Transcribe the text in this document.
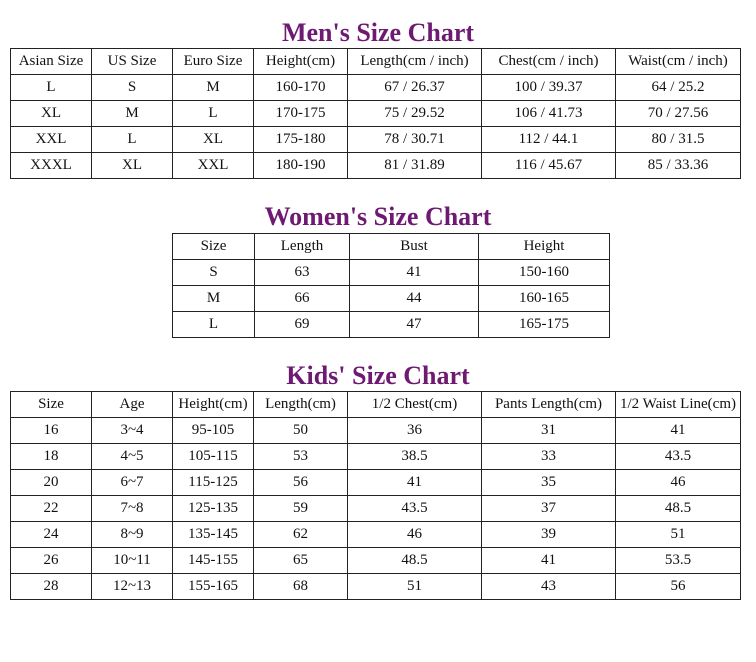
Men's Size Chart
Asian Size	US Size	Euro Size	Height(cm)	Length(cm / inch)	Chest(cm / inch)	Waist(cm / inch)
L	S	M	160-170	67 / 26.37	100 / 39.37	64 / 25.2
XL	M	L	170-175	75 / 29.52	106 / 41.73	70 / 27.56
XXL	L	XL	175-180	78 / 30.71	112 / 44.1	80 / 31.5
XXXL	XL	XXL	180-190	81 / 31.89	116 / 45.67	85 / 33.36
Women's Size Chart
Size	Length	Bust	Height
S	63	41	150-160
M	66	44	160-165
L	69	47	165-175
Kids' Size Chart
Size	Age	Height(cm)	Length(cm)	1/2 Chest(cm)	Pants Length(cm)	1/2 Waist Line(cm)
16	3~4	95-105	50	36	31	41
18	4~5	105-115	53	38.5	33	43.5
20	6~7	115-125	56	41	35	46
22	7~8	125-135	59	43.5	37	48.5
24	8~9	135-145	62	46	39	51
26	10~11	145-155	65	48.5	41	53.5
28	12~13	155-165	68	51	43	56
